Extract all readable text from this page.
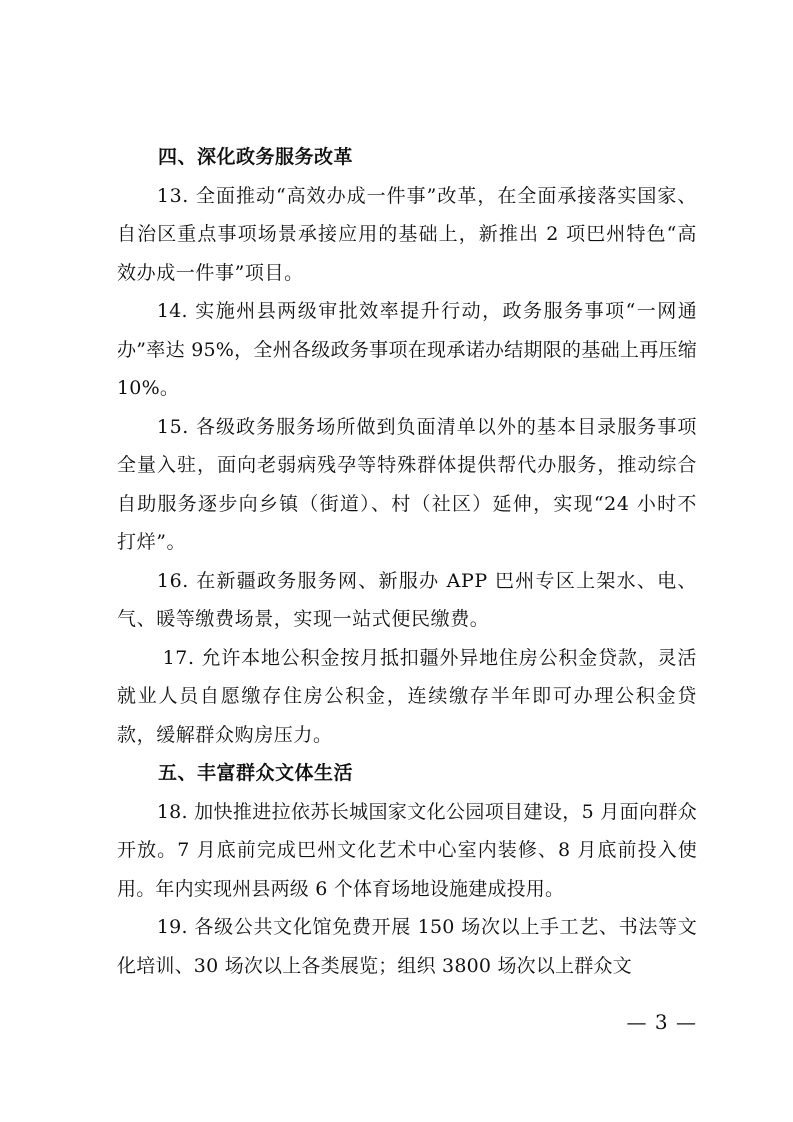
四、深化政务服务改革

13. 全面推动“高效办成一件事”改革，在全面承接落实国家、自治区重点事项场景承接应用的基础上，新推出 2 项巴州特色“高效办成一件事”项目。

14. 实施州县两级审批效率提升行动，政务服务事项“一网通办”率达 95%，全州各级政务事项在现承诺办结期限的基础上再压缩 10%。

15. 各级政务服务场所做到负面清单以外的基本目录服务事项全量入驻，面向老弱病残孕等特殊群体提供帮代办服务，推动综合自助服务逐步向乡镇（街道）、村（社区）延伸，实现“24 小时不打烊”。

16. 在新疆政务服务网、新服办 APP 巴州专区上架水、电、气、暖等缴费场景，实现一站式便民缴费。

17. 允许本地公积金按月抵扣疆外异地住房公积金贷款，灵活就业人员自愿缴存住房公积金，连续缴存半年即可办理公积金贷款，缓解群众购房压力。

五、丰富群众文体生活

18. 加快推进拉依苏长城国家文化公园项目建设，5 月面向群众开放。7 月底前完成巴州文化艺术中心室内装修、8 月底前投入使用。年内实现州县两级 6 个体育场地设施建成投用。

19. 各级公共文化馆免费开展 150 场次以上手工艺、书法等文化培训、30 场次以上各类展览；组织 3800 场次以上群众文

— 3 —
